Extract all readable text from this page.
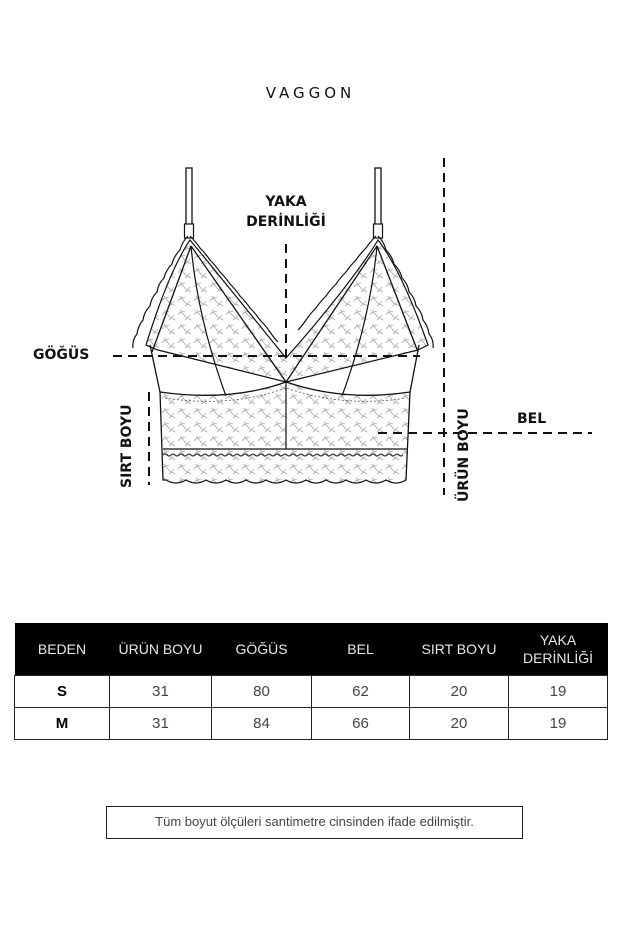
VAGGON
YAKA
DERİNLİĞİ
GÖĞÜS
ÜRÜN BOYU
SIRT BOYU	BEL
BEDEN	ÜRÜN BOYU	GÖĞÜS	BEL	SIRT BOYU	YAKA
DERİNLİĞİ

S	31	80	62	20	19
M	31	84	66	20	19
Tüm boyut ölçüleri santimetre cinsinden ifade edilmiştir.
